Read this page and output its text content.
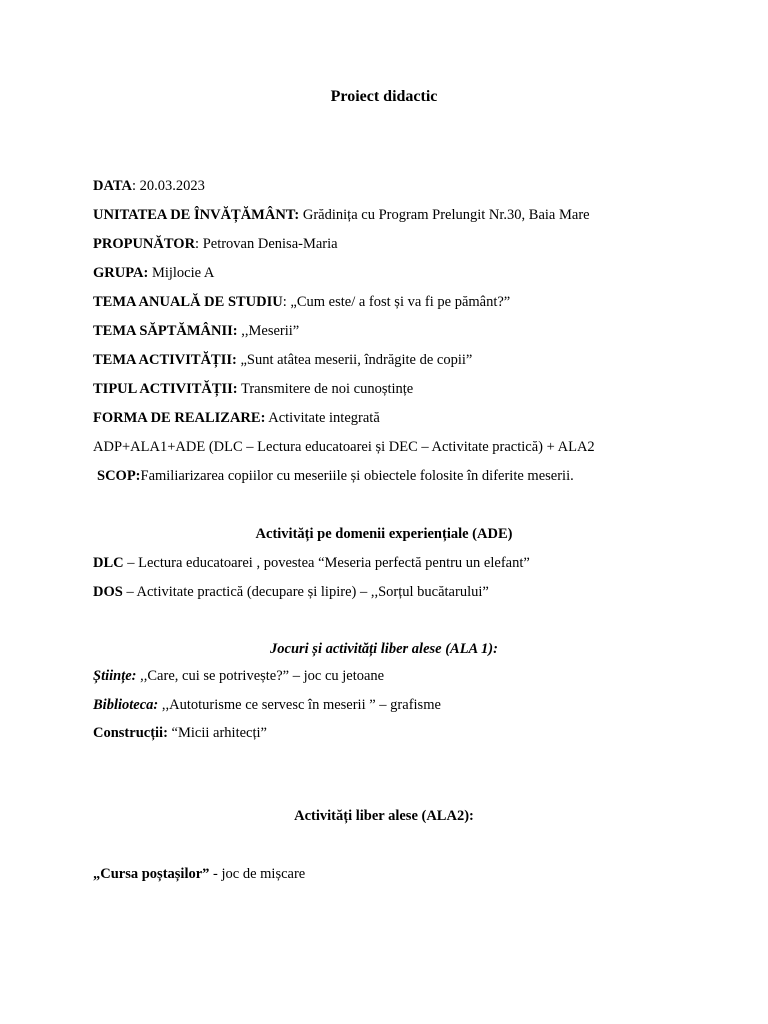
Proiect didactic
DATA: 20.03.2023
UNITATEA DE ÎNVĂȚĂMÂNT: Grădinița cu Program Prelungit Nr.30, Baia Mare
PROPUNĂTOR: Petrovan Denisa-Maria
GRUPA: Mijlocie A
TEMA ANUALĂ DE STUDIU: „Cum este/ a fost și va fi pe pământ?”
TEMA SĂPTĂMÂNII: ,,Meserii”
TEMA ACTIVITĂȚII: „Sunt atâtea meserii, îndrăgite de copii”
TIPUL ACTIVITĂȚII: Transmitere de noi cunoștințe
FORMA DE REALIZARE: Activitate integrată
ADP+ALA1+ADE (DLC – Lectura educatoarei și DEC – Activitate practică) + ALA2
SCOP:Familiarizarea copiilor cu meseriile și obiectele folosite în diferite meserii.
Activități pe domenii experiențiale (ADE)
DLC – Lectura educatoarei , povestea “Meseria perfectă pentru un elefant”
DOS – Activitate practică (decupare și lipire) – ,,Sorțul bucătarului”
Jocuri și activități liber alese (ALA 1):
Științe: ,,Care, cui se potrivește?” – joc cu jetoane
Biblioteca: ,,Autoturisme ce servesc în meserii ” – grafisme
Construcții: “Micii arhitecți”
Activități liber alese (ALA2):
„Cursa poștașilor” - joc de mișcare
